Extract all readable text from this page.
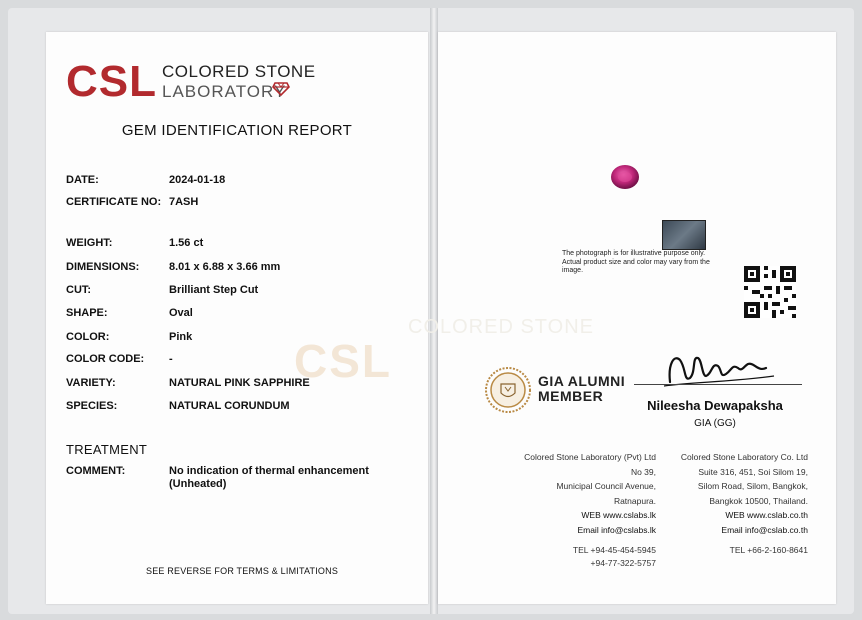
CSL
CSL COLORED STONE
LABORATORY
GEM IDENTIFICATION REPORT
DATE:	2024-01-18
CERTIFICATE NO: 7ASH
WEIGHT:	1.56 ct
DIMENSIONS:	8.01 x 6.88 x 3.66 mm
CUT:	Brilliant Step Cut
SHAPE:	Oval
COLOR:	Pink
COLOR CODE: -
VARIETY:	NATURAL PINK SAPPHIRE
SPECIES:	NATURAL CORUNDUM
TREATMENT
COMMENT:	No indication of thermal enhancement (Unheated)
SEE REVERSE FOR TERMS & LIMITATIONS
COLORED STONE
The photograph is for illustrative purpose only. Actual product size and color may vary from the image.
GIA ALUMNI
MEMBER
Nileesha Dewapaksha
GIA (GG)
Colored Stone Laboratory (Pvt) Ltd
No 39,
Municipal Council Avenue,
Ratnapura.
WEB www.cslabs.lk
Email info@cslabs.lk
Colored Stone Laboratory Co. Ltd
Suite 316, 451, Soi Silom 19,
Silom Road, Silom, Bangkok,
Bangkok 10500, Thailand.
WEB www.cslab.co.th
Email info@cslab.co.th
TEL +94-45-454-5945
+94-77-322-5757
TEL +66-2-160-8641
